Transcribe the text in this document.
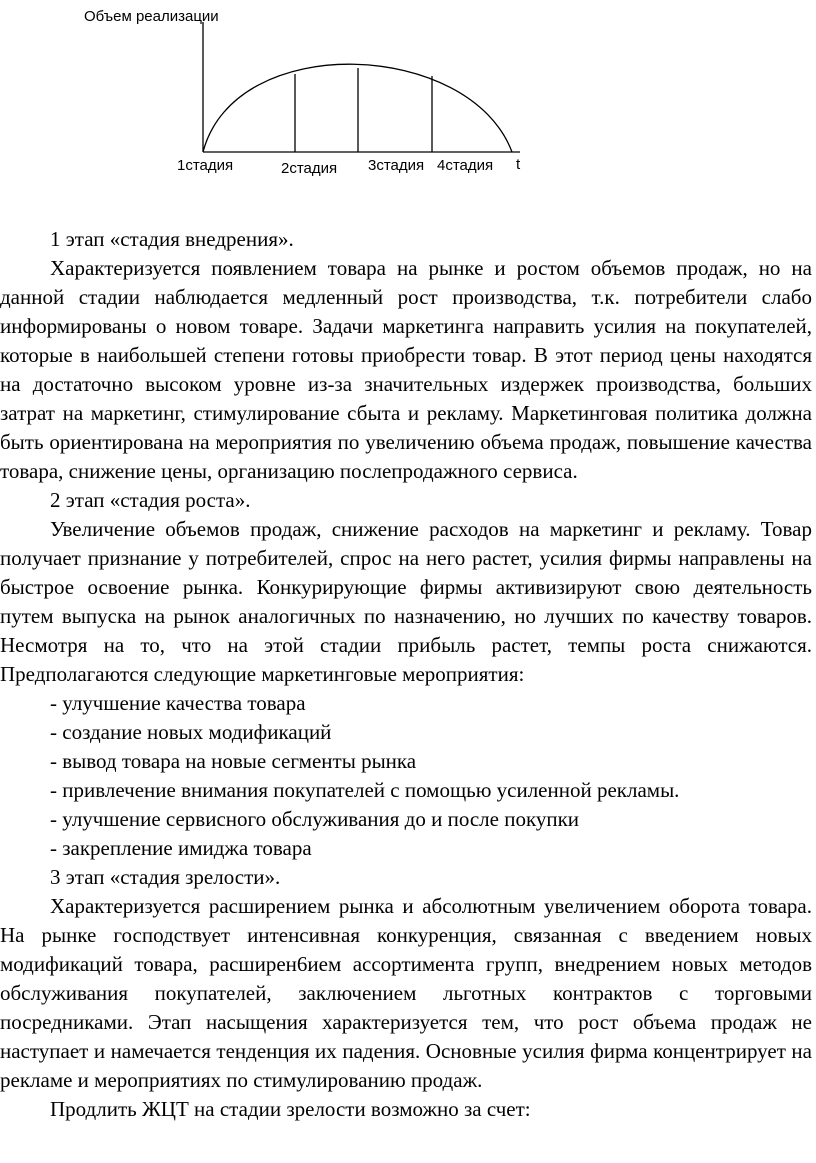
Объем реализации
1стадия	2стадия 3стадия 4стадия t

1 этап «стадия внедрения».

Характеризуется появлением товара на рынке и ростом объемов продаж, но на данной стадии наблюдается медленный рост производства, т.к. потребители слабо информированы о новом товаре. Задачи маркетинга направить усилия на покупателей, которые в наибольшей степени готовы приобрести товар. В этот период цены находятся на достаточно высоком уровне из-за значительных издержек производства, больших затрат на маркетинг, стимулирование сбыта и рекламу. Маркетинговая политика должна быть ориентирована на мероприятия по увеличению объема продаж, повышение качества товара, снижение цены, организацию послепродажного сервиса.

2 этап «стадия роста».

Увеличение объемов продаж, снижение расходов на маркетинг и рекламу. Товар получает признание у потребителей, спрос на него растет, усилия фирмы направлены на быстрое освоение рынка. Конкурирующие фирмы активизируют свою деятельность путем выпуска на рынок аналогичных по назначению, но лучших по качеству товаров. Несмотря на то, что на этой стадии прибыль растет, темпы роста снижаются. Предполагаются следующие маркетинговые мероприятия:

- улучшение качества товара

- создание новых модификаций

- вывод товара на новые сегменты рынка

- привлечение внимания покупателей с помощью усиленной рекламы.

- улучшение сервисного обслуживания до и после покупки

- закрепление имиджа товара

3 этап «стадия зрелости».

Характеризуется расширением рынка и абсолютным увеличением оборота товара. На рынке господствует интенсивная конкуренция, связанная с введением новых модификаций товара, расширен6ием ассортимента групп, внедрением новых методов обслуживания покупателей, заключением льготных контрактов с торговыми посредниками. Этап насыщения характеризуется тем, что рост объема продаж не наступает и намечается тенденция их падения. Основные усилия фирма концентрирует на рекламе и мероприятиях по стимулированию продаж.

Продлить ЖЦТ на стадии зрелости возможно за счет:
